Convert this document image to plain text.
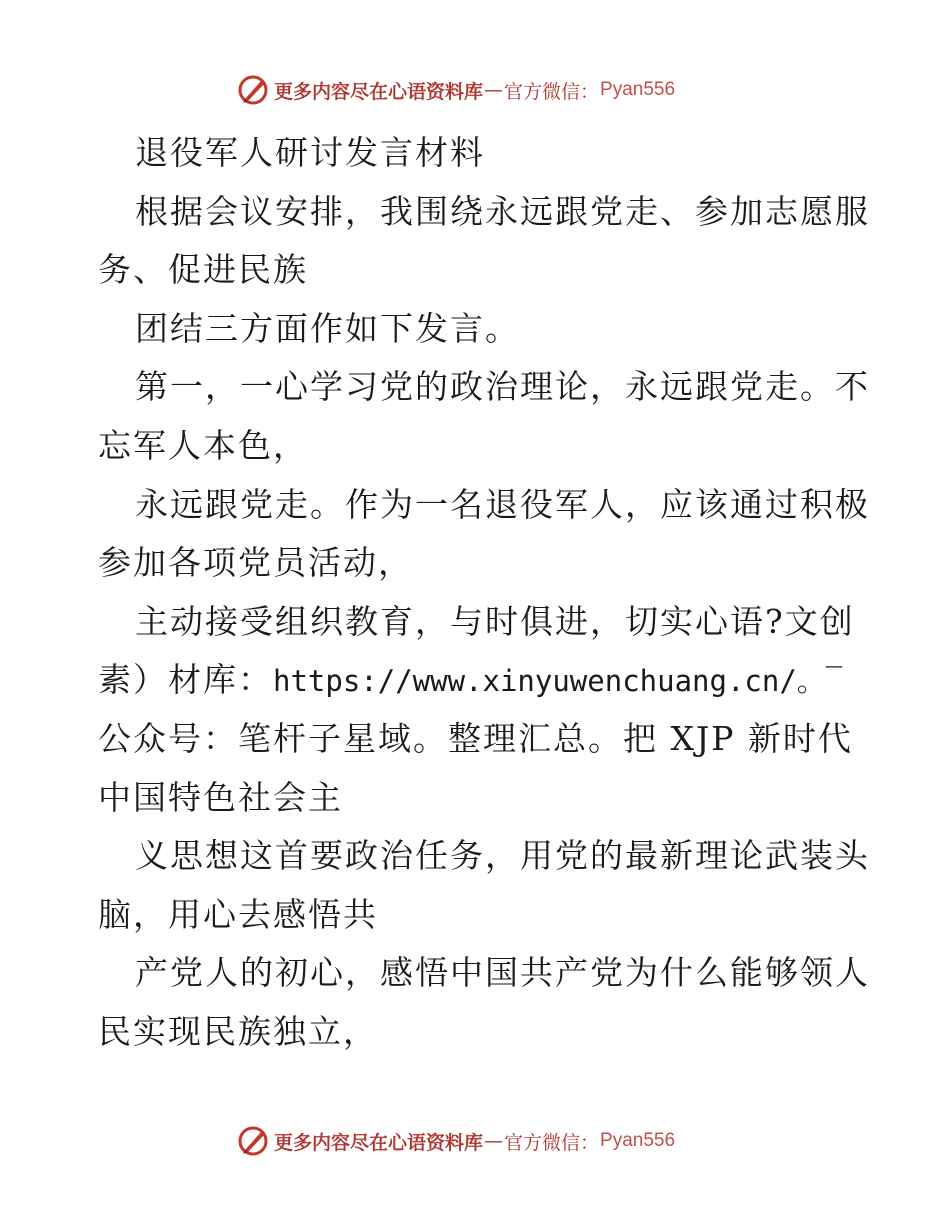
更多内容尽在心语资料库 — 官方微信： Pyan556
退役军人研讨发言材料
根据会议安排，我围绕永远跟党走、参加志愿服
务、促进民族
团结三方面作如下发言。
第一，一心学习党的政治理论，永远跟党走。不
忘军人本色，
永远跟党走。作为一名退役军人，应该通过积极
参加各项党员活动，
主动接受组织教育，与时俱进，切实心语?文创
素）材库：https://www.xinyuwenchuang.cn/。‾
公众号：笔杆子星域。整理汇总。把 XJP 新时代
中国特色社会主
义思想这首要政治任务，用党的最新理论武装头
脑，用心去感悟共
产党人的初心，感悟中国共产党为什么能够领人
民实现民族独立，
更多内容尽在心语资料库 — 官方微信： Pyan556
